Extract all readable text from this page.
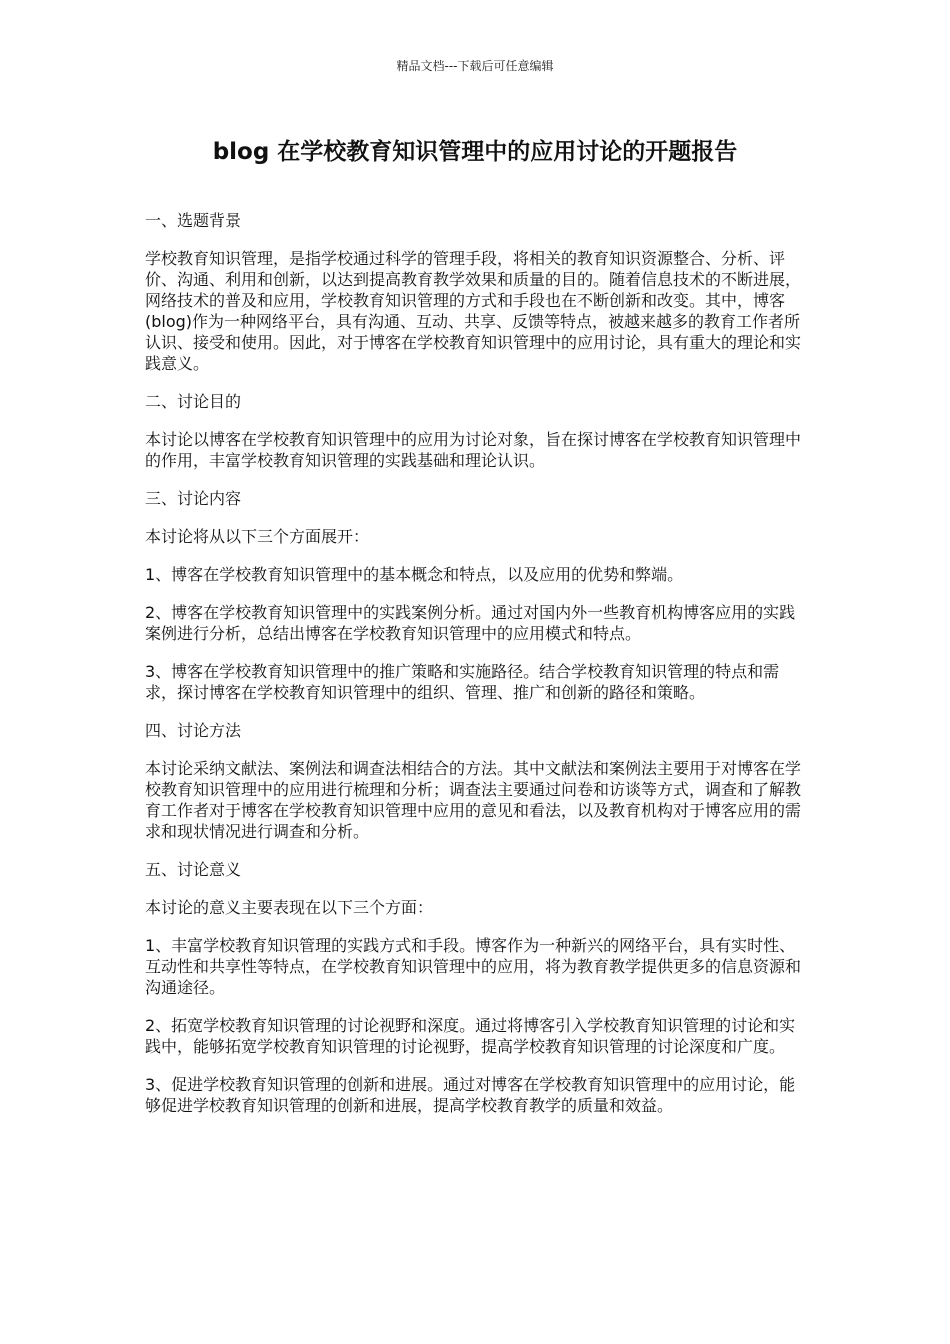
精品文档---下载后可任意编辑
blog 在学校教育知识管理中的应用讨论的开题报告

一、选题背景

学校教育知识管理，是指学校通过科学的管理手段，将相关的教育知识资源整合、分析、评价、沟通、利用和创新，以达到提高教育教学效果和质量的目的。随着信息技术的不断进展，网络技术的普及和应用，学校教育知识管理的方式和手段也在不断创新和改变。其中，博客(blog)作为一种网络平台，具有沟通、互动、共享、反馈等特点，被越来越多的教育工作者所认识、接受和使用。因此，对于博客在学校教育知识管理中的应用讨论，具有重大的理论和实践意义。

二、讨论目的

本讨论以博客在学校教育知识管理中的应用为讨论对象，旨在探讨博客在学校教育知识管理中的作用，丰富学校教育知识管理的实践基础和理论认识。

三、讨论内容

本讨论将从以下三个方面展开：

1、博客在学校教育知识管理中的基本概念和特点，以及应用的优势和弊端。

2、博客在学校教育知识管理中的实践案例分析。通过对国内外一些教育机构博客应用的实践案例进行分析，总结出博客在学校教育知识管理中的应用模式和特点。

3、博客在学校教育知识管理中的推广策略和实施路径。结合学校教育知识管理的特点和需求，探讨博客在学校教育知识管理中的组织、管理、推广和创新的路径和策略。

四、讨论方法

本讨论采纳文献法、案例法和调查法相结合的方法。其中文献法和案例法主要用于对博客在学校教育知识管理中的应用进行梳理和分析；调查法主要通过问卷和访谈等方式，调查和了解教育工作者对于博客在学校教育知识管理中应用的意见和看法，以及教育机构对于博客应用的需求和现状情况进行调查和分析。

五、讨论意义

本讨论的意义主要表现在以下三个方面：

1、丰富学校教育知识管理的实践方式和手段。博客作为一种新兴的网络平台，具有实时性、互动性和共享性等特点，在学校教育知识管理中的应用，将为教育教学提供更多的信息资源和沟通途径。

2、拓宽学校教育知识管理的讨论视野和深度。通过将博客引入学校教育知识管理的讨论和实践中，能够拓宽学校教育知识管理的讨论视野，提高学校教育知识管理的讨论深度和广度。

3、促进学校教育知识管理的创新和进展。通过对博客在学校教育知识管理中的应用讨论，能够促进学校教育知识管理的创新和进展，提高学校教育教学的质量和效益。
